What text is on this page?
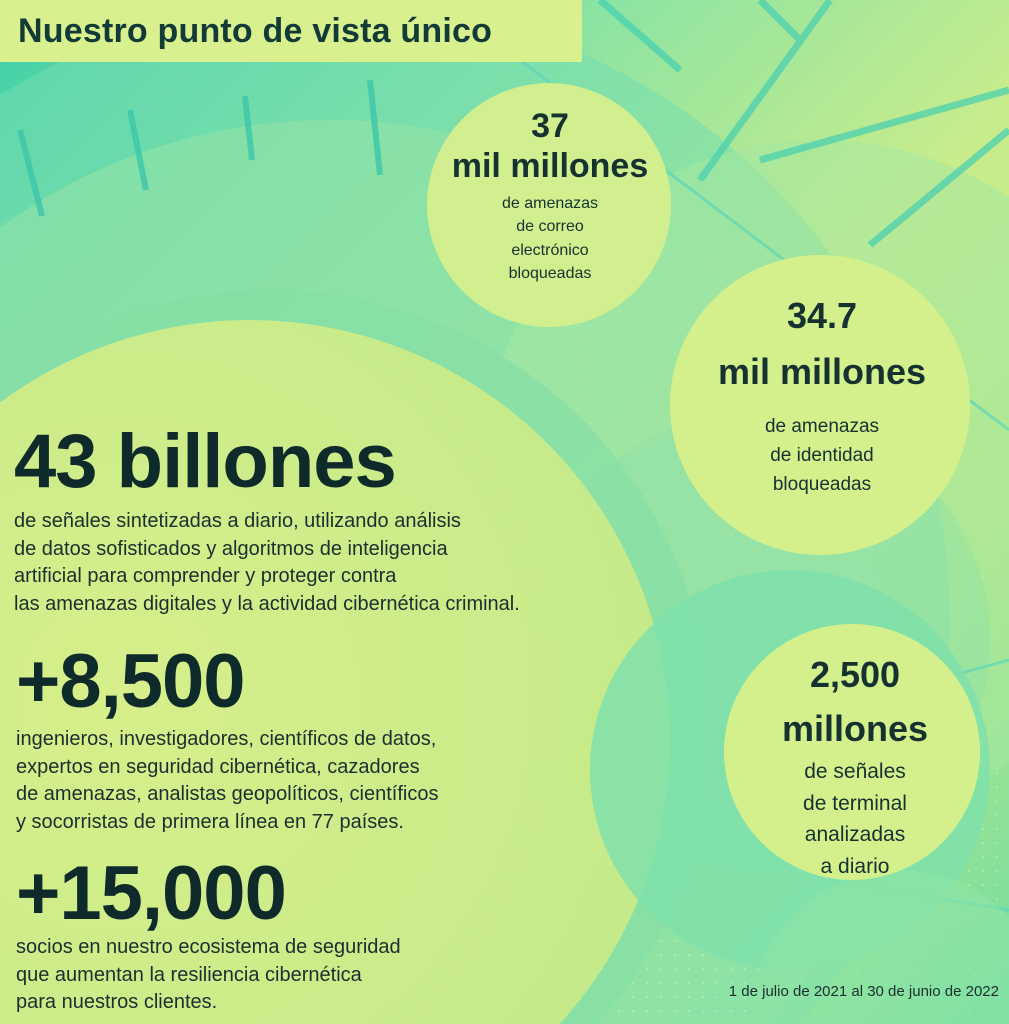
Nuestro punto de vista único
37
mil millones
de amenazas
de correo
electrónico
bloqueadas
34.7
mil millones
de amenazas
de identidad
bloqueadas
2,500
millones
de señales
de terminal
analizadas
a diario
43 billones
de señales sintetizadas a diario, utilizando análisis
de datos sofisticados y algoritmos de inteligencia
artificial para comprender y proteger contra
las amenazas digitales y la actividad cibernética criminal.
+8,500
ingenieros, investigadores, científicos de datos,
expertos en seguridad cibernética, cazadores
de amenazas, analistas geopolíticos, científicos
y socorristas de primera línea en 77 países.
+15,000
socios en nuestro ecosistema de seguridad
que aumentan la resiliencia cibernética
para nuestros clientes.	1 de julio de 2021 al 30 de junio de 2022
